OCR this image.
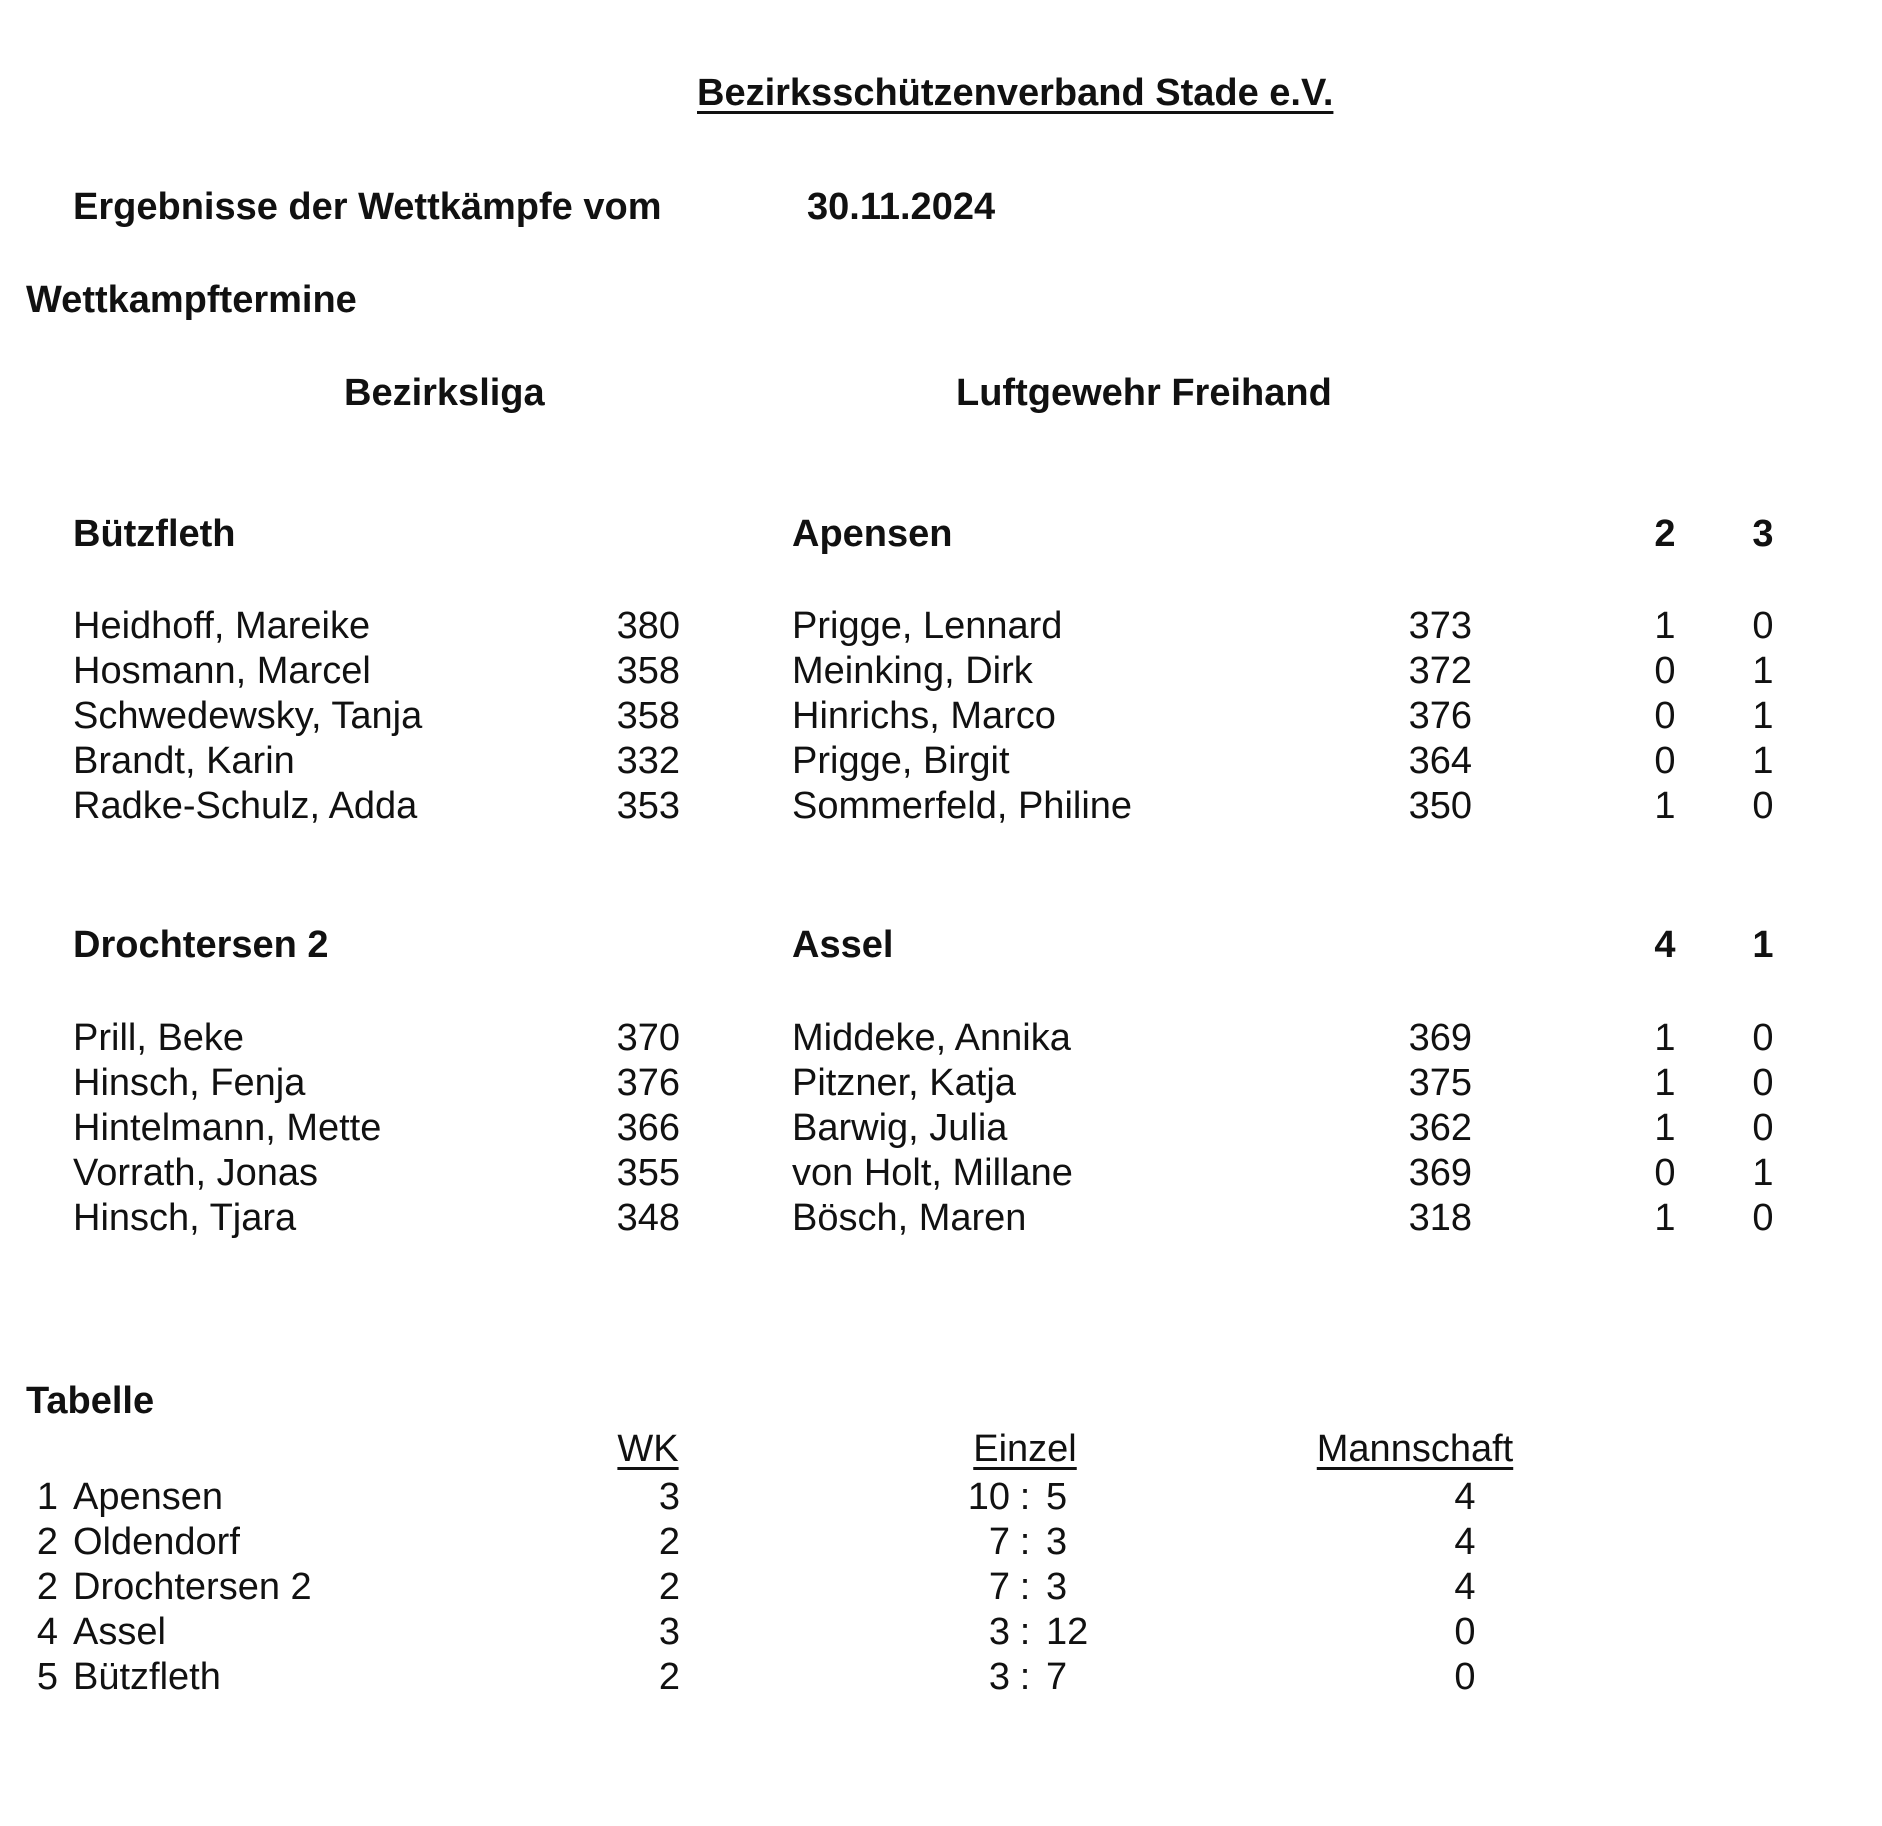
Bezirksschützenverband Stade e.V.
Ergebnisse der Wettkämpfe vom	30.11.2024
Wettkampftermine
Bezirksliga	Luftgewehr Freihand
Bützfleth	Apensen	2	3
Heidhoff, Mareike	380	Prigge, Lennard	373	1	0
Hosmann, Marcel	358	Meinking, Dirk	372	0	1
Schwedewsky, Tanja	358	Hinrichs, Marco	376	0	1
Brandt, Karin	332	Prigge, Birgit	364	0	1
Radke-Schulz, Adda	353	Sommerfeld, Philine	350	1	0
Drochtersen 2	Assel	4	1
Prill, Beke	370	Middeke, Annika	369	1	0
Hinsch, Fenja	376	Pitzner, Katja	375	1	0
Hintelmann, Mette	366	Barwig, Julia	362	1	0
Vorrath, Jonas	355	von Holt, Millane	369	0	1
Hinsch, Tjara	348	Bösch, Maren	318	1	0
Tabelle
WK	Einzel	Mannschaft
1 Apensen	3	10 : 5	4
2 Oldendorf	2	7 : 3	4
2 Drochtersen 2	2	7 : 3	4
4 Assel	3	3 : 12	0
5 Bützfleth	2	3 : 7	0
